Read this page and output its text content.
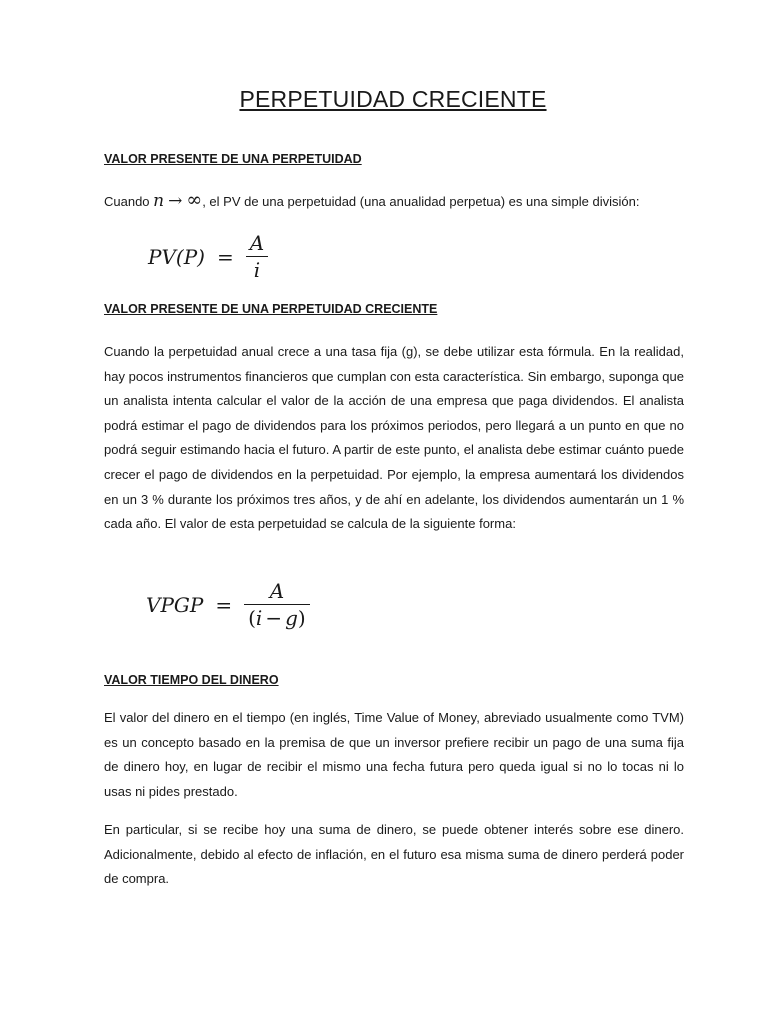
PERPETUIDAD CRECIENTE
VALOR PRESENTE DE UNA PERPETUIDAD
Cuando n → ∞, el PV de una perpetuidad (una anualidad perpetua) es una simple división:
$PV(P) = \frac{A}{i}$
VALOR PRESENTE DE UNA PERPETUIDAD CRECIENTE
Cuando la perpetuidad anual crece a una tasa fija (g), se debe utilizar esta fórmula. En la realidad, hay pocos instrumentos financieros que cumplan con esta característica. Sin embargo, suponga que un analista intenta calcular el valor de la acción de una empresa que paga dividendos. El analista podrá estimar el pago de dividendos para los próximos periodos, pero llegará a un punto en que no podrá seguir estimando hacia el futuro. A partir de este punto, el analista debe estimar cuánto puede crecer el pago de dividendos en la perpetuidad. Por ejemplo, la empresa aumentará los dividendos en un 3 % durante los próximos tres años, y de ahí en adelante, los dividendos aumentarán un 1 % cada año. El valor de esta perpetuidad se calcula de la siguiente forma:
VPGP = $\frac{A}{(i - g)}$
VALOR TIEMPO DEL DINERO
El valor del dinero en el tiempo (en inglés, Time Value of Money, abreviado usualmente como TVM) es un concepto basado en la premisa de que un inversor prefiere recibir un pago de una suma fija de dinero hoy, en lugar de recibir el mismo una fecha futura pero queda igual si no lo tocas ni lo usas ni pides prestado.
En particular, si se recibe hoy una suma de dinero, se puede obtener interés sobre ese dinero. Adicionalmente, debido al efecto de inflación, en el futuro esa misma suma de dinero perderá poder de compra.
